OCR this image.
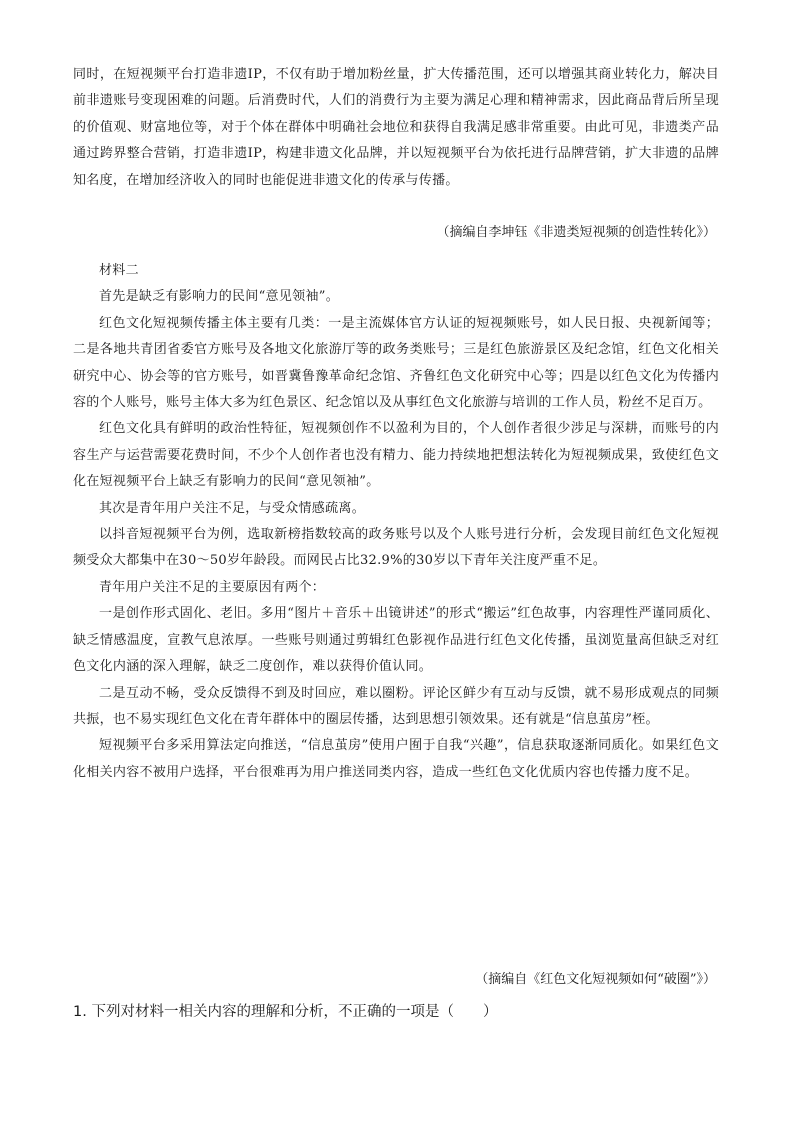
同时，在短视频平台打造非遗IP，不仅有助于增加粉丝量，扩大传播范围，还可以增强其商业转化力，解决目前非遗账号变现困难的问题。后消费时代，人们的消费行为主要为满足心理和精神需求，因此商品背后所呈现的价值观、财富地位等，对于个体在群体中明确社会地位和获得自我满足感非常重要。由此可见，非遗类产品通过跨界整合营销，打造非遗IP，构建非遗文化品牌，并以短视频平台为依托进行品牌营销，扩大非遗的品牌知名度，在增加经济收入的同时也能促进非遗文化的传承与传播。

（摘编自李坤钰《非遗类短视频的创造性转化》）

材料二

首先是缺乏有影响力的民间“意见领袖”。

红色文化短视频传播主体主要有几类：一是主流媒体官方认证的短视频账号，如人民日报、央视新闻等；二是各地共青团省委官方账号及各地文化旅游厅等的政务类账号；三是红色旅游景区及纪念馆，红色文化相关研究中心、协会等的官方账号，如晋冀鲁豫革命纪念馆、齐鲁红色文化研究中心等；四是以红色文化为传播内容的个人账号，账号主体大多为红色景区、纪念馆以及从事红色文化旅游与培训的工作人员，粉丝不足百万。

红色文化具有鲜明的政治性特征，短视频创作不以盈利为目的，个人创作者很少涉足与深耕，而账号的内容生产与运营需要花费时间，不少个人创作者也没有精力、能力持续地把想法转化为短视频成果，致使红色文化在短视频平台上缺乏有影响力的民间“意见领袖”。

其次是青年用户关注不足，与受众情感疏离。

以抖音短视频平台为例，选取新榜指数较高的政务账号以及个人账号进行分析，会发现目前红色文化短视频受众大都集中在30～50岁年龄段。而网民占比32.9%的30岁以下青年关注度严重不足。

青年用户关注不足的主要原因有两个：

一是创作形式固化、老旧。多用“图片＋音乐＋出镜讲述”的形式“搬运”红色故事，内容理性严谨同质化、缺乏情感温度，宣教气息浓厚。一些账号则通过剪辑红色影视作品进行红色文化传播，虽浏览量高但缺乏对红色文化内涵的深入理解，缺乏二度创作，难以获得价值认同。

二是互动不畅，受众反馈得不到及时回应，难以圈粉。评论区鲜少有互动与反馈，就不易形成观点的同频共振，也不易实现红色文化在青年群体中的圈层传播，达到思想引领效果。还有就是“信息茧房”桎。

短视频平台多采用算法定向推送，“信息茧房”使用户囿于自我“兴趣”，信息获取逐渐同质化。如果红色文化相关内容不被用户选择，平台很难再为用户推送同类内容，造成一些红色文化优质内容也传播力度不足。

（摘编自《红色文化短视频如何“破圈”》）

1. 下列对材料一相关内容的理解和分析，不正确的一项是（　　）
